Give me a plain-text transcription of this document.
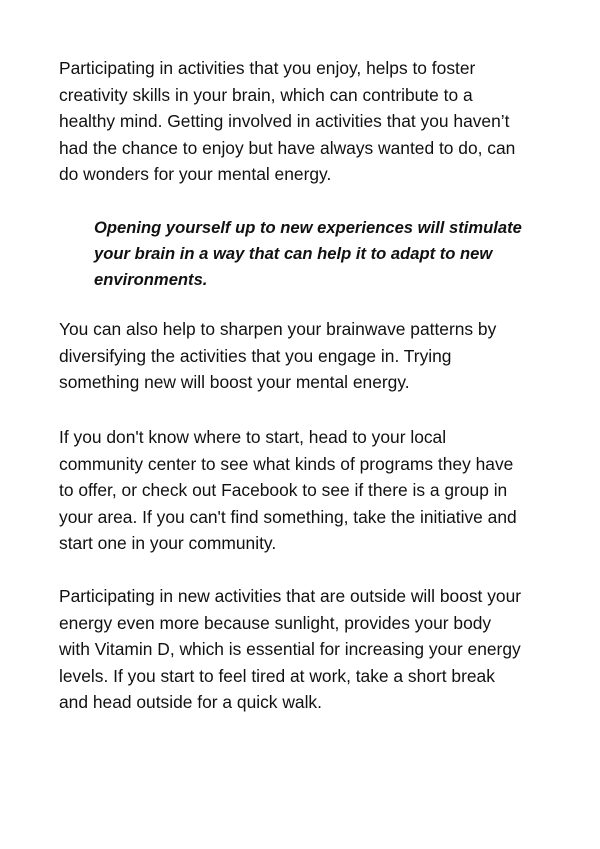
Participating in activities that you enjoy, helps to foster
creativity skills in your brain, which can contribute to a
healthy mind. Getting involved in activities that you haven’t
had the chance to enjoy but have always wanted to do, can
do wonders for your mental energy.

Opening yourself up to new experiences will stimulate
your brain in a way that can help it to adapt to new
environments.

You can also help to sharpen your brainwave patterns by
diversifying the activities that you engage in. Trying
something new will boost your mental energy.

If you don't know where to start, head to your local
community center to see what kinds of programs they have
to offer, or check out Facebook to see if there is a group in
your area. If you can't find something, take the initiative and
start one in your community.

Participating in new activities that are outside will boost your
energy even more because sunlight, provides your body
with Vitamin D, which is essential for increasing your energy
levels. If you start to feel tired at work, take a short break
and head outside for a quick walk.
